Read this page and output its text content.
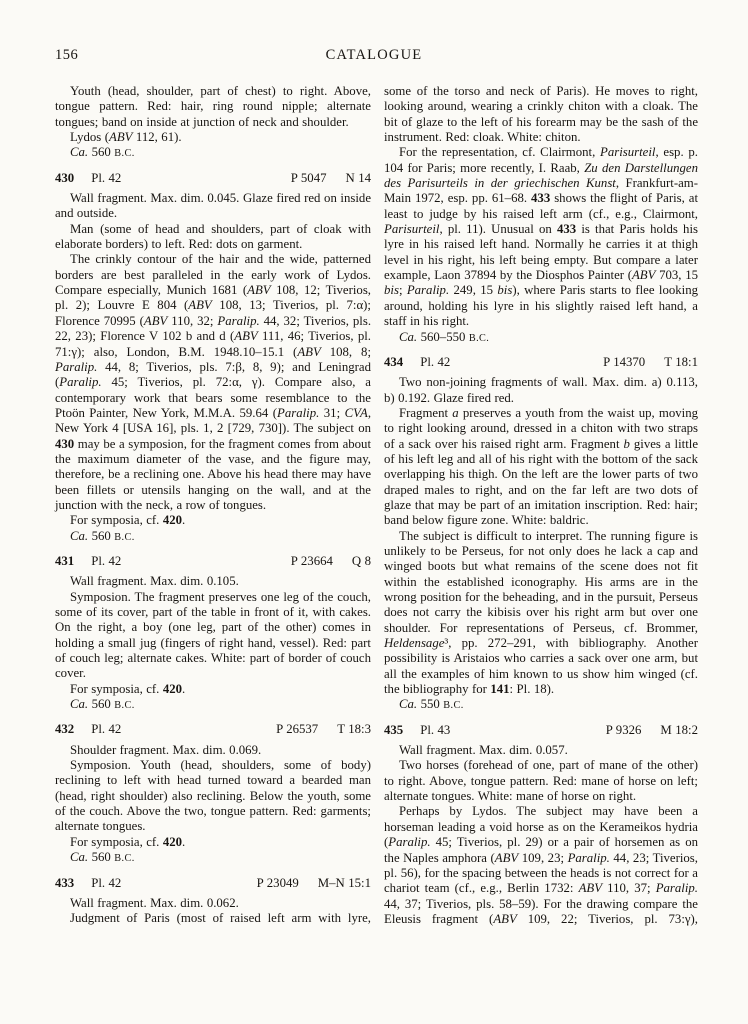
156	CATALOGUE

Youth (head, shoulder, part of chest) to right. Above, tongue pattern. Red: hair, ring round nipple; alternate tongues; band on inside at junction of neck and shoulder.

Lydos (ABV 112, 61).

Ca. 560 B.C.

430 Pl. 42	P 5047 N 14

Wall fragment. Max. dim. 0.045. Glaze fired red on inside and outside.

Man (some of head and shoulders, part of cloak with elaborate borders) to left. Red: dots on garment.

The crinkly contour of the hair and the wide, patterned borders are best paralleled in the early work of Lydos. Compare especially, Munich 1681 (ABV 108, 12; Tiverios, pl. 2); Louvre E 804 (ABV 108, 13; Tiverios, pl. 7:α); Florence 70995 (ABV 110, 32; Paralip. 44, 32; Tiverios, pls. 22, 23); Florence V 102 b and d (ABV 111, 46; Tiverios, pl. 71:γ); also, London, B.M. 1948.10–15.1 (ABV 108, 8; Paralip. 44, 8; Tiverios, pls. 7:β, 8, 9); and Leningrad (Paralip. 45; Tiverios, pl. 72:α, γ). Compare also, a contemporary work that bears some resemblance to the Ptoön Painter, New York, M.M.A. 59.64 (Paralip. 31; CVA, New York 4 [USA 16], pls. 1, 2 [729, 730]). The subject on 430 may be a symposion, for the fragment comes from about the maximum diameter of the vase, and the figure may, therefore, be a reclining one. Above his head there may have been fillets or utensils hanging on the wall, and at the junction with the neck, a row of tongues.

For symposia, cf. 420.

Ca. 560 B.C.

431 Pl. 42	P 23664 Q 8

Wall fragment. Max. dim. 0.105.

Symposion. The fragment preserves one leg of the couch, some of its cover, part of the table in front of it, with cakes. On the right, a boy (one leg, part of the other) comes in holding a small jug (fingers of right hand, vessel). Red: part of couch leg; alternate cakes. White: part of border of couch cover.

For symposia, cf. 420.

Ca. 560 B.C.

432 Pl. 42	P 26537 T 18:3

Shoulder fragment. Max. dim. 0.069.

Symposion. Youth (head, shoulders, some of body) reclining to left with head turned toward a bearded man (head, right shoulder) also reclining. Below the youth, some of the couch. Above the two, tongue pattern. Red: garments; alternate tongues.

For symposia, cf. 420.

Ca. 560 B.C.

433 Pl. 42	P 23049 M–N 15:1

Wall fragment. Max. dim. 0.062.

Judgment of Paris (most of raised left arm with lyre,

some of the torso and neck of Paris). He moves to right, looking around, wearing a crinkly chiton with a cloak. The bit of glaze to the left of his forearm may be the sash of the instrument. Red: cloak. White: chiton.

For the representation, cf. Clairmont, Parisurteil, esp. p. 104 for Paris; more recently, I. Raab, Zu den Darstellungen des Parisurteils in der griechischen Kunst, Frankfurt-am-Main 1972, esp. pp. 61–68. 433 shows the flight of Paris, at least to judge by his raised left arm (cf., e.g., Clairmont, Parisurteil, pl. 11). Unusual on 433 is that Paris holds his lyre in his raised left hand. Normally he carries it at thigh level in his right, his left being empty. But compare a later example, Laon 37894 by the Diosphos Painter (ABV 703, 15 bis; Paralip. 249, 15 bis), where Paris starts to flee looking around, holding his lyre in his slightly raised left hand, a staff in his right.

Ca. 560–550 B.C.

434 Pl. 42	P 14370 T 18:1

Two non-joining fragments of wall. Max. dim. a) 0.113, b) 0.192. Glaze fired red.

Fragment a preserves a youth from the waist up, moving to right looking around, dressed in a chiton with two straps of a sack over his raised right arm. Fragment b gives a little of his left leg and all of his right with the bottom of the sack overlapping his thigh. On the left are the lower parts of two draped males to right, and on the far left are two dots of glaze that may be part of an imitation inscription. Red: hair; band below figure zone. White: baldric.

The subject is difficult to interpret. The running figure is unlikely to be Perseus, for not only does he lack a cap and winged boots but what remains of the scene does not fit within the established iconography. His arms are in the wrong position for the beheading, and in the pursuit, Perseus does not carry the kibisis over his right arm but over one shoulder. For representations of Perseus, cf. Brommer, Heldensage³, pp. 272–291, with bibliography. Another possibility is Aristaios who carries a sack over one arm, but all the examples of him known to us show him winged (cf. the bibliography for 141: Pl. 18).

Ca. 550 B.C.

435 Pl. 43	P 9326 M 18:2

Wall fragment. Max. dim. 0.057.

Two horses (forehead of one, part of mane of the other) to right. Above, tongue pattern. Red: mane of horse on left; alternate tongues. White: mane of horse on right.

Perhaps by Lydos. The subject may have been a horseman leading a void horse as on the Kerameikos hydria (Paralip. 45; Tiverios, pl. 29) or a pair of horsemen as on the Naples amphora (ABV 109, 23; Paralip. 44, 23; Tiverios, pl. 56), for the spacing between the heads is not correct for a chariot team (cf., e.g., Berlin 1732: ABV 110, 37; Paralip. 44, 37; Tiverios, pls. 58–59). For the drawing compare the Eleusis fragment (ABV 109, 22; Tiverios, pl. 73:γ),
